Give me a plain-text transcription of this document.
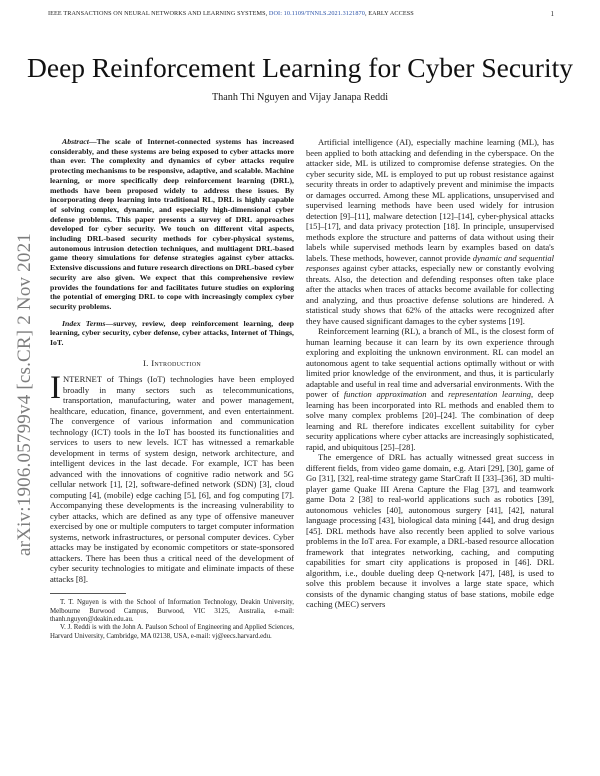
IEEE TRANSACTIONS ON NEURAL NETWORKS AND LEARNING SYSTEMS, DOI: 10.1109/TNNLS.2021.3121870, EARLY ACCESS	1
Deep Reinforcement Learning for Cyber Security
Thanh Thi Nguyen and Vijay Janapa Reddi
arXiv:1906.05799v4 [cs.CR] 2 Nov 2021

Abstract—The scale of Internet-connected systems has increased considerably, and these systems are being exposed to cyber attacks more than ever. The complexity and dynamics of cyber attacks require protecting mechanisms to be responsive, adaptive, and scalable. Machine learning, or more specifically deep reinforcement learning (DRL), methods have been proposed widely to address these issues. By incorporating deep learning into traditional RL, DRL is highly capable of solving complex, dynamic, and especially high-dimensional cyber defense problems. This paper presents a survey of DRL approaches developed for cyber security. We touch on different vital aspects, including DRL-based security methods for cyber-physical systems, autonomous intrusion detection techniques, and multiagent DRL-based game theory simulations for defense strategies against cyber attacks. Extensive discussions and future research directions on DRL-based cyber security are also given. We expect that this comprehensive review provides the foundations for and facilitates future studies on exploring the potential of emerging DRL to cope with increasingly complex cyber security problems.

Index Terms—survey, review, deep reinforcement learning, deep learning, cyber security, cyber defense, cyber attacks, Internet of Things, IoT.

I. Introduction

INTERNET of Things (IoT) technologies have been employed broadly in many sectors such as telecommunications, transportation, manufacturing, water and power management, healthcare, education, finance, government, and even entertainment. The convergence of various information and communication technology (ICT) tools in the IoT has boosted its functionalities and services to users to new levels. ICT has witnessed a remarkable development in terms of system design, network architecture, and intelligent devices in the last decade. For example, ICT has been advanced with the innovations of cognitive radio network and 5G cellular network [1], [2], software-defined network (SDN) [3], cloud computing [4], (mobile) edge caching [5], [6], and fog computing [7]. Accompanying these developments is the increasing vulnerability to cyber attacks, which are defined as any type of offensive maneuver exercised by one or multiple computers to target computer information systems, network infrastructures, or personal computer devices. Cyber attacks may be instigated by economic competitors or state-sponsored attackers. There has been thus a critical need of the development of cyber security technologies to mitigate and eliminate impacts of these attacks [8].

T. T. Nguyen is with the School of Information Technology, Deakin University, Melbourne Burwood Campus, Burwood, VIC 3125, Australia, e-mail: thanh.nguyen@deakin.edu.au.

V. J. Reddi is with the John A. Paulson School of Engineering and Applied Sciences, Harvard University, Cambridge, MA 02138, USA, e-mail: vj@eecs.harvard.edu.

Artificial intelligence (AI), especially machine learning (ML), has been applied to both attacking and defending in the cyberspace. On the attacker side, ML is utilized to compromise defense strategies. On the cyber security side, ML is employed to put up robust resistance against security threats in order to adaptively prevent and minimise the impacts or damages occurred. Among these ML applications, unsupervised and supervised learning methods have been used widely for intrusion detection [9]–[11], malware detection [12]–[14], cyber-physical attacks [15]–[17], and data privacy protection [18]. In principle, unsupervised methods explore the structure and patterns of data without using their labels while supervised methods learn by examples based on data's labels. These methods, however, cannot provide dynamic and sequential responses against cyber attacks, especially new or constantly evolving threats. Also, the detection and defending responses often take place after the attacks when traces of attacks become available for collecting and analyzing, and thus proactive defense solutions are hindered. A statistical study shows that 62% of the attacks were recognized after they have caused significant damages to the cyber systems [19].

Reinforcement learning (RL), a branch of ML, is the closest form of human learning because it can learn by its own experience through exploring and exploiting the unknown environment. RL can model an autonomous agent to take sequential actions optimally without or with limited prior knowledge of the environment, and thus, it is particularly adaptable and useful in real time and adversarial environments. With the power of function approximation and representation learning, deep learning has been incorporated into RL methods and enabled them to solve many complex problems [20]–[24]. The combination of deep learning and RL therefore indicates excellent suitability for cyber security applications where cyber attacks are increasingly sophisticated, rapid, and ubiquitous [25]–[28].

The emergence of DRL has actually witnessed great success in different fields, from video game domain, e.g. Atari [29], [30], game of Go [31], [32], real-time strategy game StarCraft II [33]–[36], 3D multi-player game Quake III Arena Capture the Flag [37], and teamwork game Dota 2 [38] to real-world applications such as robotics [39], autonomous vehicles [40], autonomous surgery [41], [42], natural language processing [43], biological data mining [44], and drug design [45]. DRL methods have also recently been applied to solve various problems in the IoT area. For example, a DRL-based resource allocation framework that integrates networking, caching, and computing capabilities for smart city applications is proposed in [46]. DRL algorithm, i.e., double dueling deep Q-network [47], [48], is used to solve this problem because it involves a large state space, which consists of the dynamic changing status of base stations, mobile edge caching (MEC) servers
